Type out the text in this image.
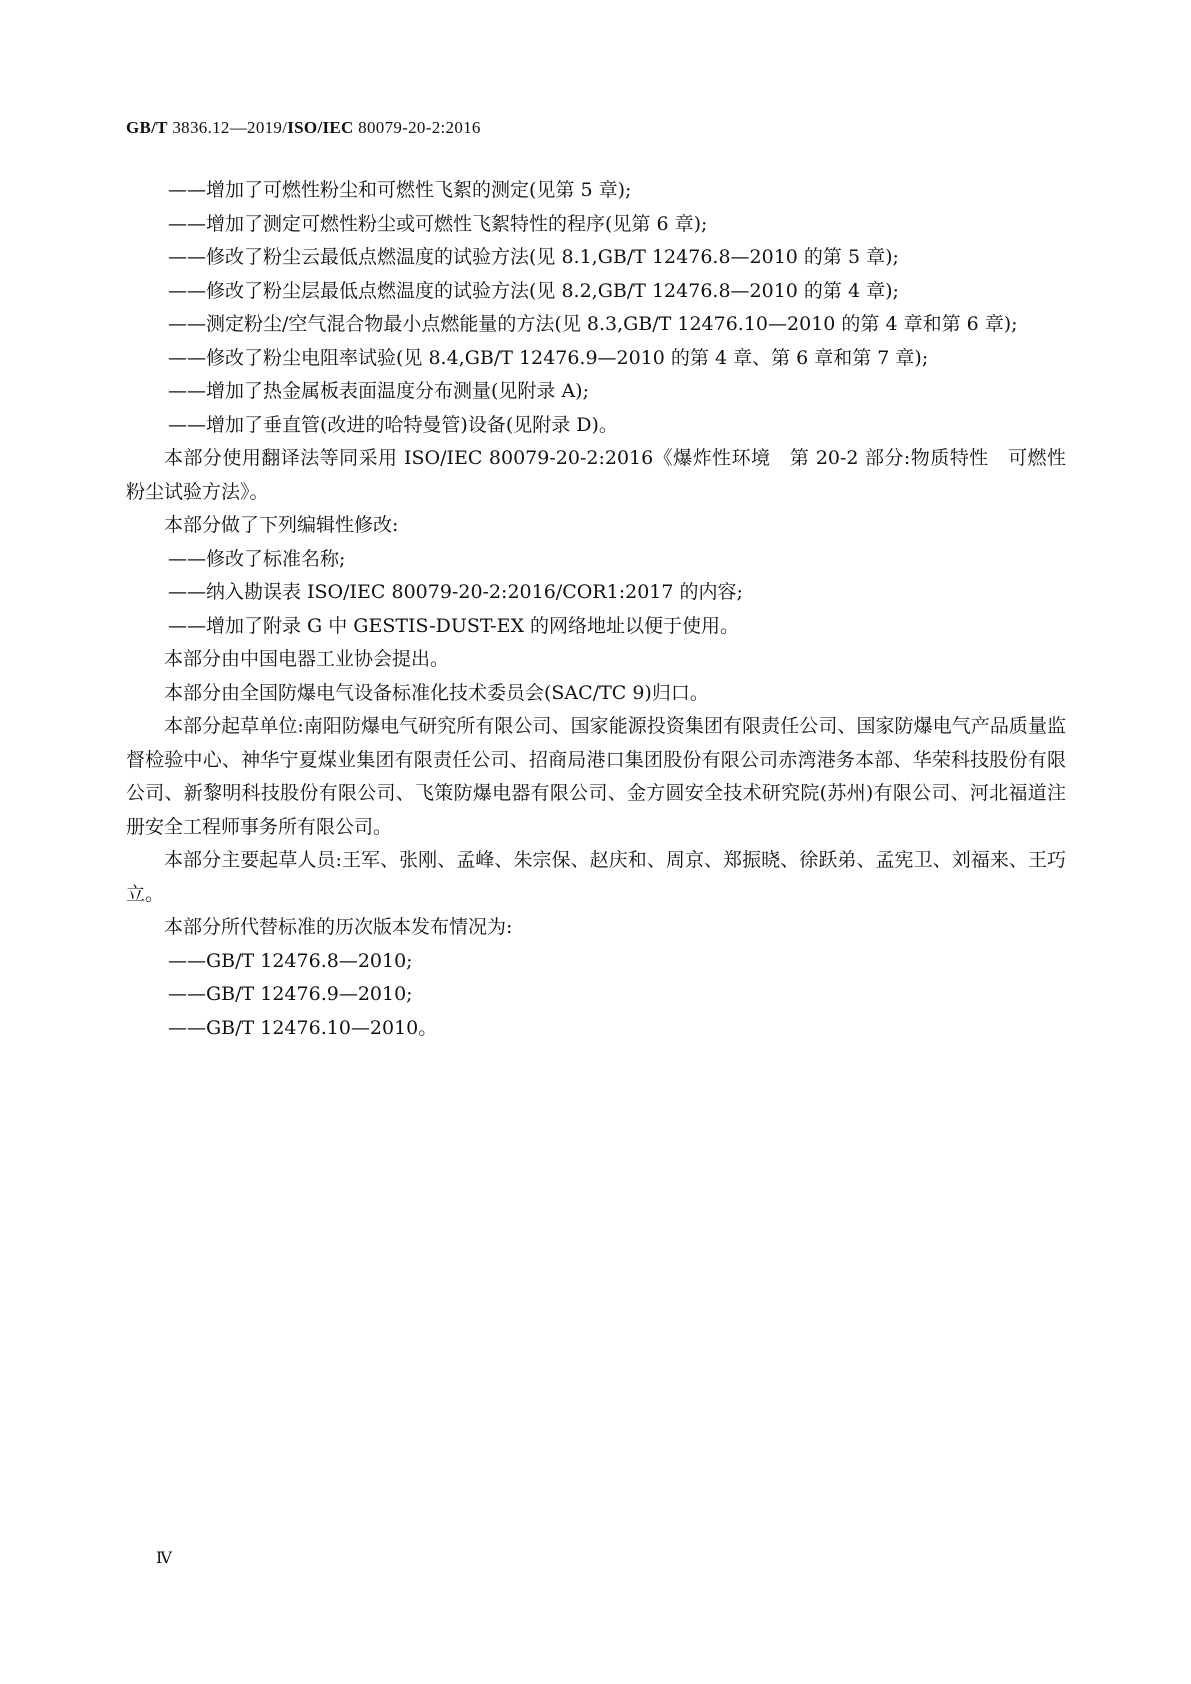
GB/T 3836.12—2019/ISO/IEC 80079-20-2:2016
——增加了可燃性粉尘和可燃性飞絮的测定(见第 5 章);
——增加了测定可燃性粉尘或可燃性飞絮特性的程序(见第 6 章);
——修改了粉尘云最低点燃温度的试验方法(见 8.1,GB/T 12476.8—2010 的第 5 章);
——修改了粉尘层最低点燃温度的试验方法(见 8.2,GB/T 12476.8—2010 的第 4 章);
——测定粉尘/空气混合物最小点燃能量的方法(见 8.3,GB/T 12476.10—2010 的第 4 章和第 6 章);
——修改了粉尘电阻率试验(见 8.4,GB/T 12476.9—2010 的第 4 章、第 6 章和第 7 章);
——增加了热金属板表面温度分布测量(见附录 A);
——增加了垂直管(改进的哈特曼管)设备(见附录 D)。
本部分使用翻译法等同采用 ISO/IEC 80079-20-2:2016《爆炸性环境　第 20-2 部分:物质特性　可燃性粉尘试验方法》。
本部分做了下列编辑性修改:
——修改了标准名称;
——纳入勘误表 ISO/IEC 80079-20-2:2016/COR1:2017 的内容;
——增加了附录 G 中 GESTIS-DUST-EX 的网络地址以便于使用。
本部分由中国电器工业协会提出。
本部分由全国防爆电气设备标准化技术委员会(SAC/TC 9)归口。
本部分起草单位:南阳防爆电气研究所有限公司、国家能源投资集团有限责任公司、国家防爆电气产品质量监督检验中心、神华宁夏煤业集团有限责任公司、招商局港口集团股份有限公司赤湾港务本部、华荣科技股份有限公司、新黎明科技股份有限公司、飞策防爆电器有限公司、金方圆安全技术研究院(苏州)有限公司、河北福道注册安全工程师事务所有限公司。
本部分主要起草人员:王军、张刚、孟峰、朱宗保、赵庆和、周京、郑振晓、徐跃弟、孟宪卫、刘福来、王巧立。
本部分所代替标准的历次版本发布情况为:
——GB/T 12476.8—2010;
——GB/T 12476.9—2010;
——GB/T 12476.10—2010。
Ⅳ
